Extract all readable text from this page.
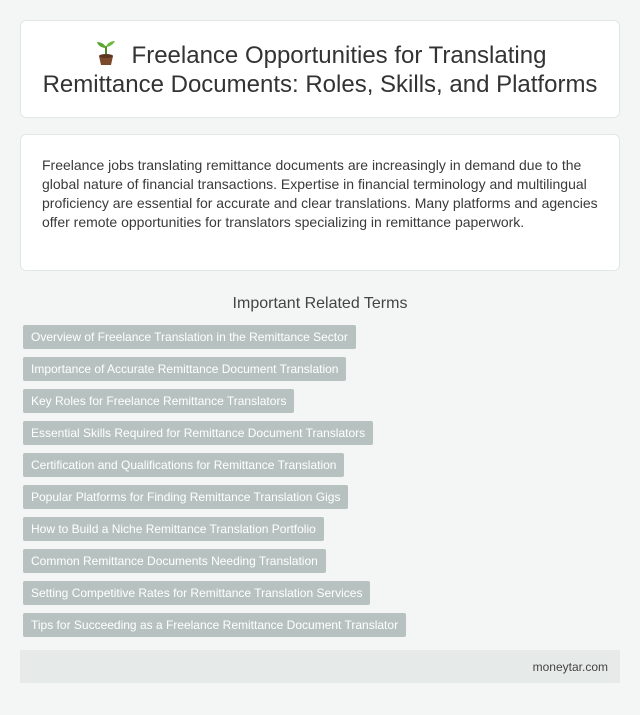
Freelance Opportunities for Translating Remittance Documents: Roles, Skills, and Platforms

Freelance jobs translating remittance documents are increasingly in demand due to the global nature of financial transactions. Expertise in financial terminology and multilingual proficiency are essential for accurate and clear translations. Many platforms and agencies offer remote opportunities for translators specializing in remittance paperwork.

Important Related Terms
Overview of Freelance Translation in the Remittance Sector
Importance of Accurate Remittance Document Translation
Key Roles for Freelance Remittance Translators
Essential Skills Required for Remittance Document Translators
Certification and Qualifications for Remittance Translation
Popular Platforms for Finding Remittance Translation Gigs
How to Build a Niche Remittance Translation Portfolio
Common Remittance Documents Needing Translation
Setting Competitive Rates for Remittance Translation Services
Tips for Succeeding as a Freelance Remittance Document Translator
moneytar.com
